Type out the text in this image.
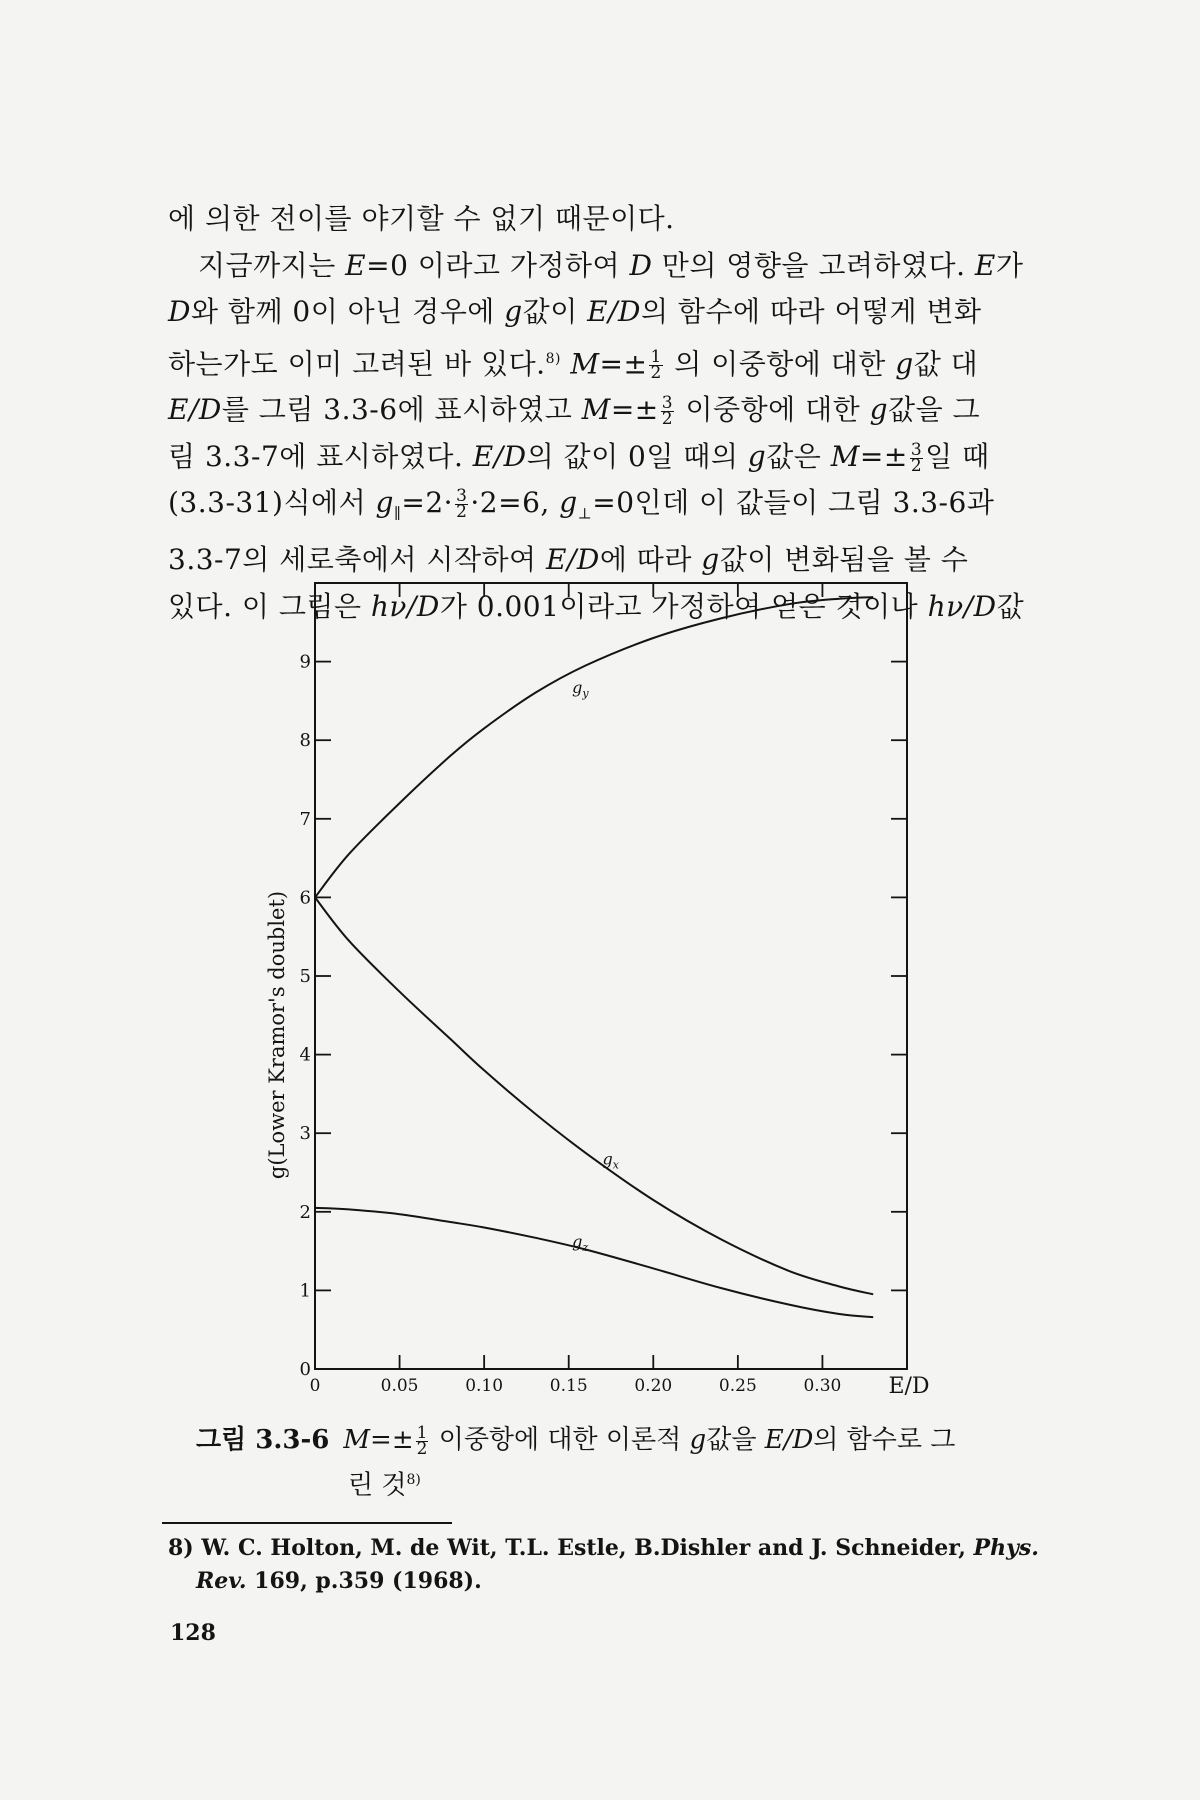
에 의한 전이를 야기할 수 없기 때문이다.

지금까지는 E=0 이라고 가정하여 D 만의 영향을 고려하였다. E가

D와 함께 0이 아닌 경우에 g값이 E/D의 함수에 따라 어떻게 변화

하는가도 이미 고려된 바 있다.$^{8)}$ $M=\pm \frac{1}{2}$ 의 이중항에 대한 g값 대

E/D를 그림 3.3-6에 표시하였고 $M=\pm \frac{3}{2}$ 이중항에 대한 g값을 그

림 3.3-7에 표시하였다. E/D의 값이 0일 때의 g값은 $M=\pm \frac{3}{2}$ 일 때

(3.3-31)식에서 $g_\parallel=2\cdot \frac{3}{2} \cdot 2=6$, $g_\perp=0$인데 이 값들이 그림 3.3-6과

3.3-7의 세로축에서 시작하여 E/D에 따라 g값이 변화됨을 볼 수

있다. 이 그림은 hν/D가 0.001이라고 가정하여 얻은 것이나 hν/D값

g(Lower Kramor's doublet)
0
1
2
3
4
5
6
7
8
9
0	0.05	0.10	0.15	0.20	0.25	0.30 E/D
$g_y$
$g_x$
$g_z$
그림 3.3-6 $M=\pm \frac{1}{2}$ 이중항에 대한 이론적 g값을 E/D의 함수로 그
린 것$^{8)}$
8) W. C. Holton, M. de Wit, T.L. Estle, B.Dishler and J. Schneider, Phys.
Rev. 169, p.359 (1968).
128
